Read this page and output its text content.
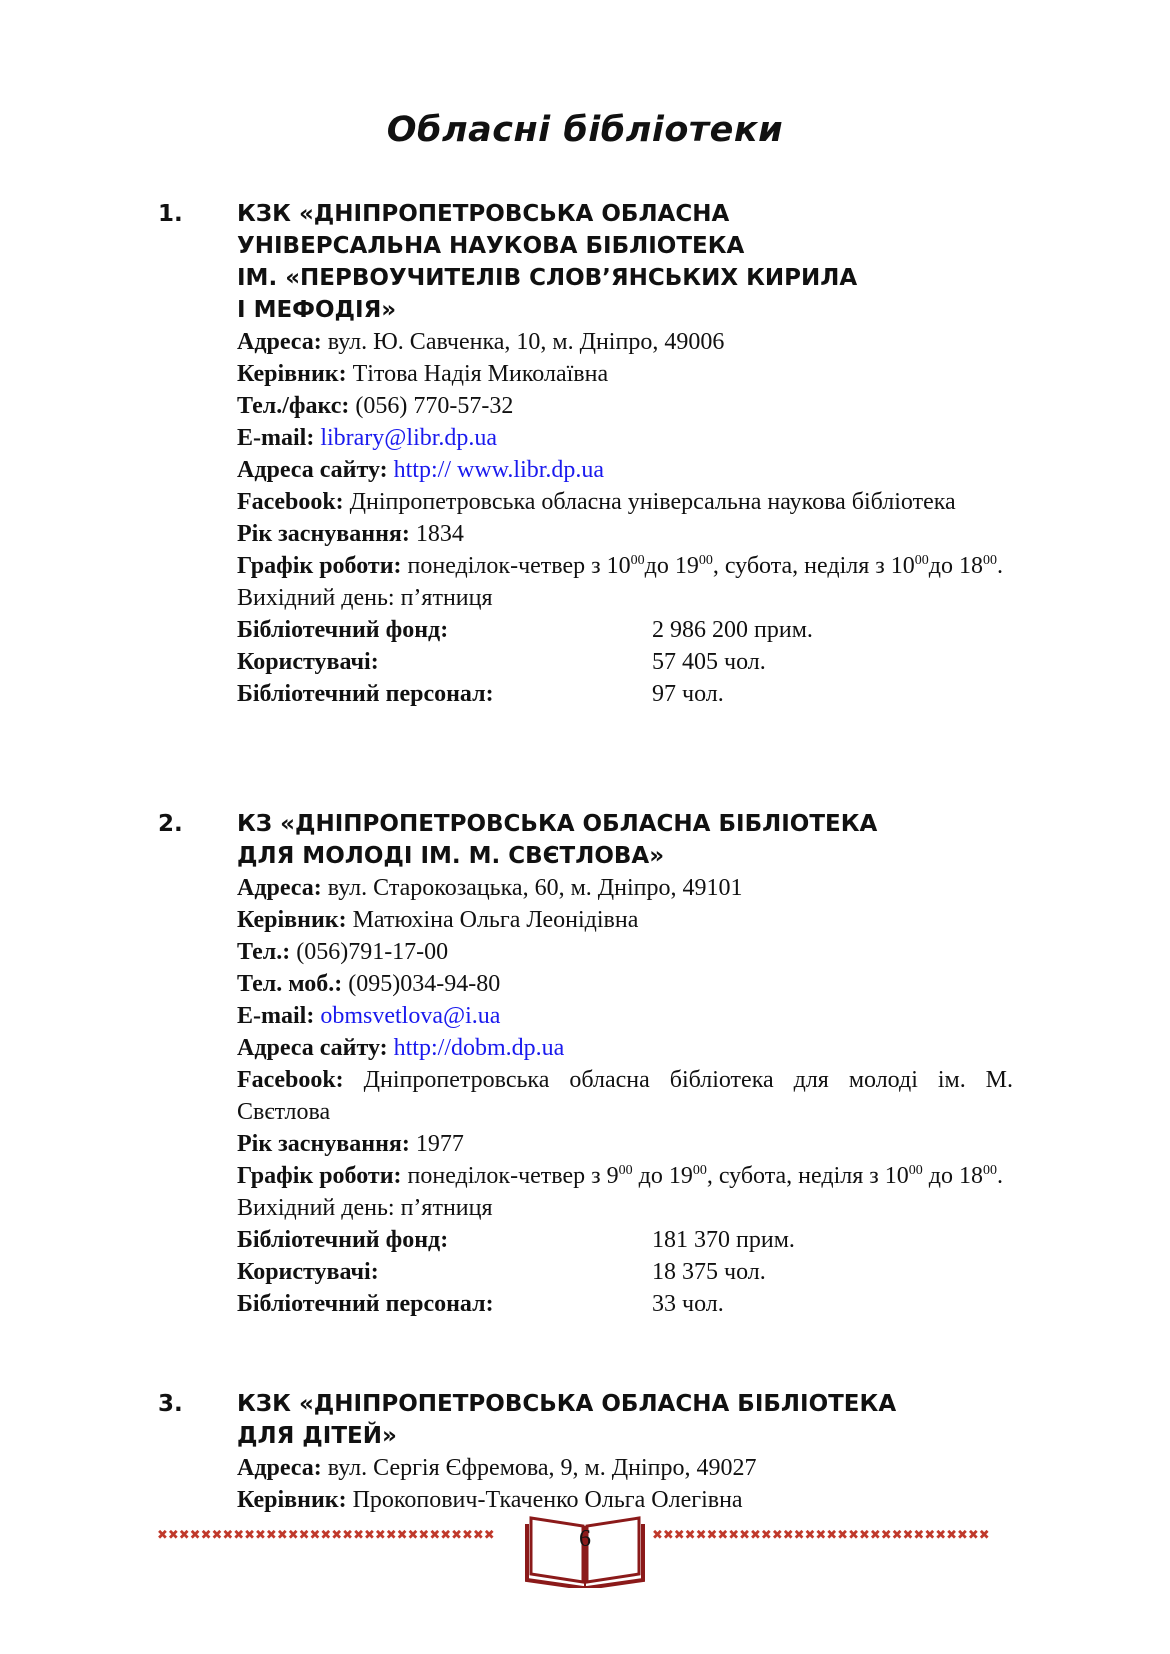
Обласні бібліотеки
1. КЗК «ДНІПРОПЕТРОВСЬКА ОБЛАСНА

УНІВЕРСАЛЬНА НАУКОВА БІБЛІОТЕКА

ІМ. «ПЕРВОУЧИТЕЛІВ СЛОВ’ЯНСЬКИХ КИРИЛА

І МЕФОДІЯ»

Адреса: вул. Ю. Савченка, 10, м. Дніпро, 49006

Керівник: Тітова Надія Миколаївна

Тел./факс: (056) 770-57-32

E-mail: library@libr.dp.ua

Адреса сайту: http:// www.libr.dp.ua

Facebook: Дніпропетровська обласна універсальна наукова бібліотека

Рік заснування: 1834

Графік роботи: понеділок-четвер з $10^{00}до$ $19^{00}$, субота, неділя з $10^{00}до$ $18^{00}$.

Вихідний день: п’ятниця

Бібліотечний фонд:	2 986 200 прим.
Користувачі:	57 405 чол.
Бібліотечний персонал:	97 чол.
2. КЗ «ДНІПРОПЕТРОВСЬКА ОБЛАСНА БІБЛІОТЕКА

ДЛЯ МОЛОДІ ІМ. М. СВЄТЛОВА»

Адреса: вул. Старокозацька, 60, м. Дніпро, 49101

Керівник: Матюхіна Ольга Леонідівна

Тел.: (056)791-17-00

Тел. моб.: (095)034-94-80

E-mail: obmsvetlova@i.ua

Адреса сайту: http://dobm.dp.ua

Facebook: Дніпропетровська обласна бібліотека для молоді ім. М. Свєтлова

Рік заснування: 1977

Графік роботи: понеділок-четвер з $9^{00}$ до $19^{00}$, субота, неділя з $10^{00}$ до $18^{00}$.

Вихідний день: п’ятниця

Бібліотечний фонд:	181 370 прим.
Користувачі:	18 375 чол.
Бібліотечний персонал:	33 чол.
3. КЗК «ДНІПРОПЕТРОВСЬКА ОБЛАСНА БІБЛІОТЕКА

ДЛЯ ДІТЕЙ»

Адреса: вул. Сергія Єфремова, 9, м. Дніпро, 49027

Керівник: Прокопович-Ткаченко Ольга Олегівна

✖✖✖✖✖✖✖✖✖✖✖✖✖✖✖✖✖✖✖✖✖✖✖✖✖✖✖✖✖✖✖	6	✖✖✖✖✖✖✖✖✖✖✖✖✖✖✖✖✖✖✖✖✖✖✖✖✖✖✖✖✖✖✖
